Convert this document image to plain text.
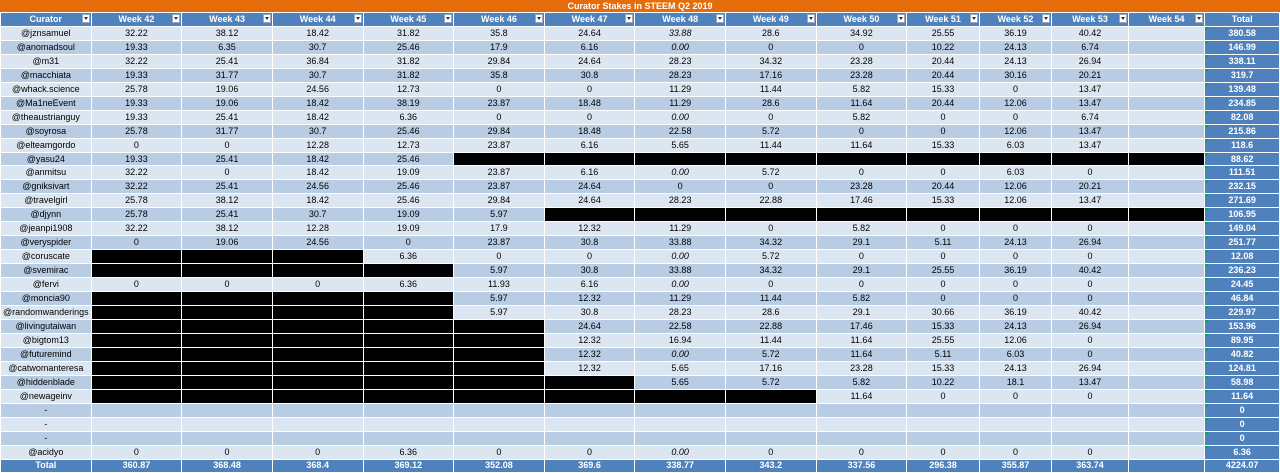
Curator Stakes in STEEM Q2 2019
Curator	Week 42	Week 43	Week 44	Week 45	Week 46	Week 47	Week 48	Week 49	Week 50	Week 51	Week 52	Week 53	Week 54	Total
@jznsamuel	32.22	38.12	18.42	31.82	35.8	24.64	33.88	28.6	34.92	25.55	36.19	40.42		380.58
@anomadsoul	19.33	6.35	30.7	25.46	17.9	6.16	0.00	0	0	10.22	24.13	6.74		146.99
@m31	32.22	25.41	36.84	31.82	29.84	24.64	28.23	34.32	23.28	20.44	24.13	26.94		338.11
@macchiata	19.33	31.77	30.7	31.82	35.8	30.8	28.23	17.16	23.28	20.44	30.16	20.21		319.7
@whack.science	25.78	19.06	24.56	12.73	0	0	11.29	11.44	5.82	15.33	0	13.47		139.48
@Ma1neEvent	19.33	19.06	18.42	38.19	23.87	18.48	11.29	28.6	11.64	20.44	12.06	13.47		234.85
@theaustrianguy	19.33	25.41	18.42	6.36	0	0	0.00	0	5.82	0	0	6.74		82.08
@soyrosa	25.78	31.77	30.7	25.46	29.84	18.48	22.58	5.72	0	0	12.06	13.47		215.86
@elteamgordo	0	0	12.28	12.73	23.87	6.16	5.65	11.44	11.64	15.33	6.03	13.47		118.6
@yasu24	19.33	25.41	18.42	25.46										88.62
@anmitsu	32.22	0	18.42	19.09	23.87	6.16	0.00	5.72	0	0	6.03	0		111.51
@gniksivart	32.22	25.41	24.56	25.46	23.87	24.64	0	0	23.28	20.44	12.06	20.21		232.15
@travelgirl	25.78	38.12	18.42	25.46	29.84	24.64	28.23	22.88	17.46	15.33	12.06	13.47		271.69
@djynn	25.78	25.41	30.7	19.09	5.97									106.95
@jeanpi1908	32.22	38.12	12.28	19.09	17.9	12.32	11.29	0	5.82	0	0	0		149.04
@veryspider	0	19.06	24.56	0	23.87	30.8	33.88	34.32	29.1	5.11	24.13	26.94		251.77
@coruscate				6.36	0	0	0.00	5.72	0	0	0	0		12.08
@svemirac					5.97	30.8	33.88	34.32	29.1	25.55	36.19	40.42		236.23
@fervi	0	0	0	6.36	11.93	6.16	0.00	0	0	0	0	0		24.45
@moncia90					5.97	12.32	11.29	11.44	5.82	0	0	0		46.84
@randomwanderings					5.97	30.8	28.23	28.6	29.1	30.66	36.19	40.42		229.97
@livingutaiwan						24.64	22.58	22.88	17.46	15.33	24.13	26.94		153.96
@bigtom13						12.32	16.94	11.44	11.64	25.55	12.06	0		89.95
@futuremind						12.32	0.00	5.72	11.64	5.11	6.03	0		40.82
@catwomanteresa						12.32	5.65	17.16	23.28	15.33	24.13	26.94		124.81
@hiddenblade							5.65	5.72	5.82	10.22	18.1	13.47		58.98
@newageinv									11.64	0	0	0		11.64
-														0
-														0
-														0
@acidyo	0	0	0	6.36	0	0	0.00	0	0	0	0	0		6.36
Total	360.87	368.48	368.4	369.12	352.08	369.6	338.77	343.2	337.56	296.38	355.87	363.74		4224.07
